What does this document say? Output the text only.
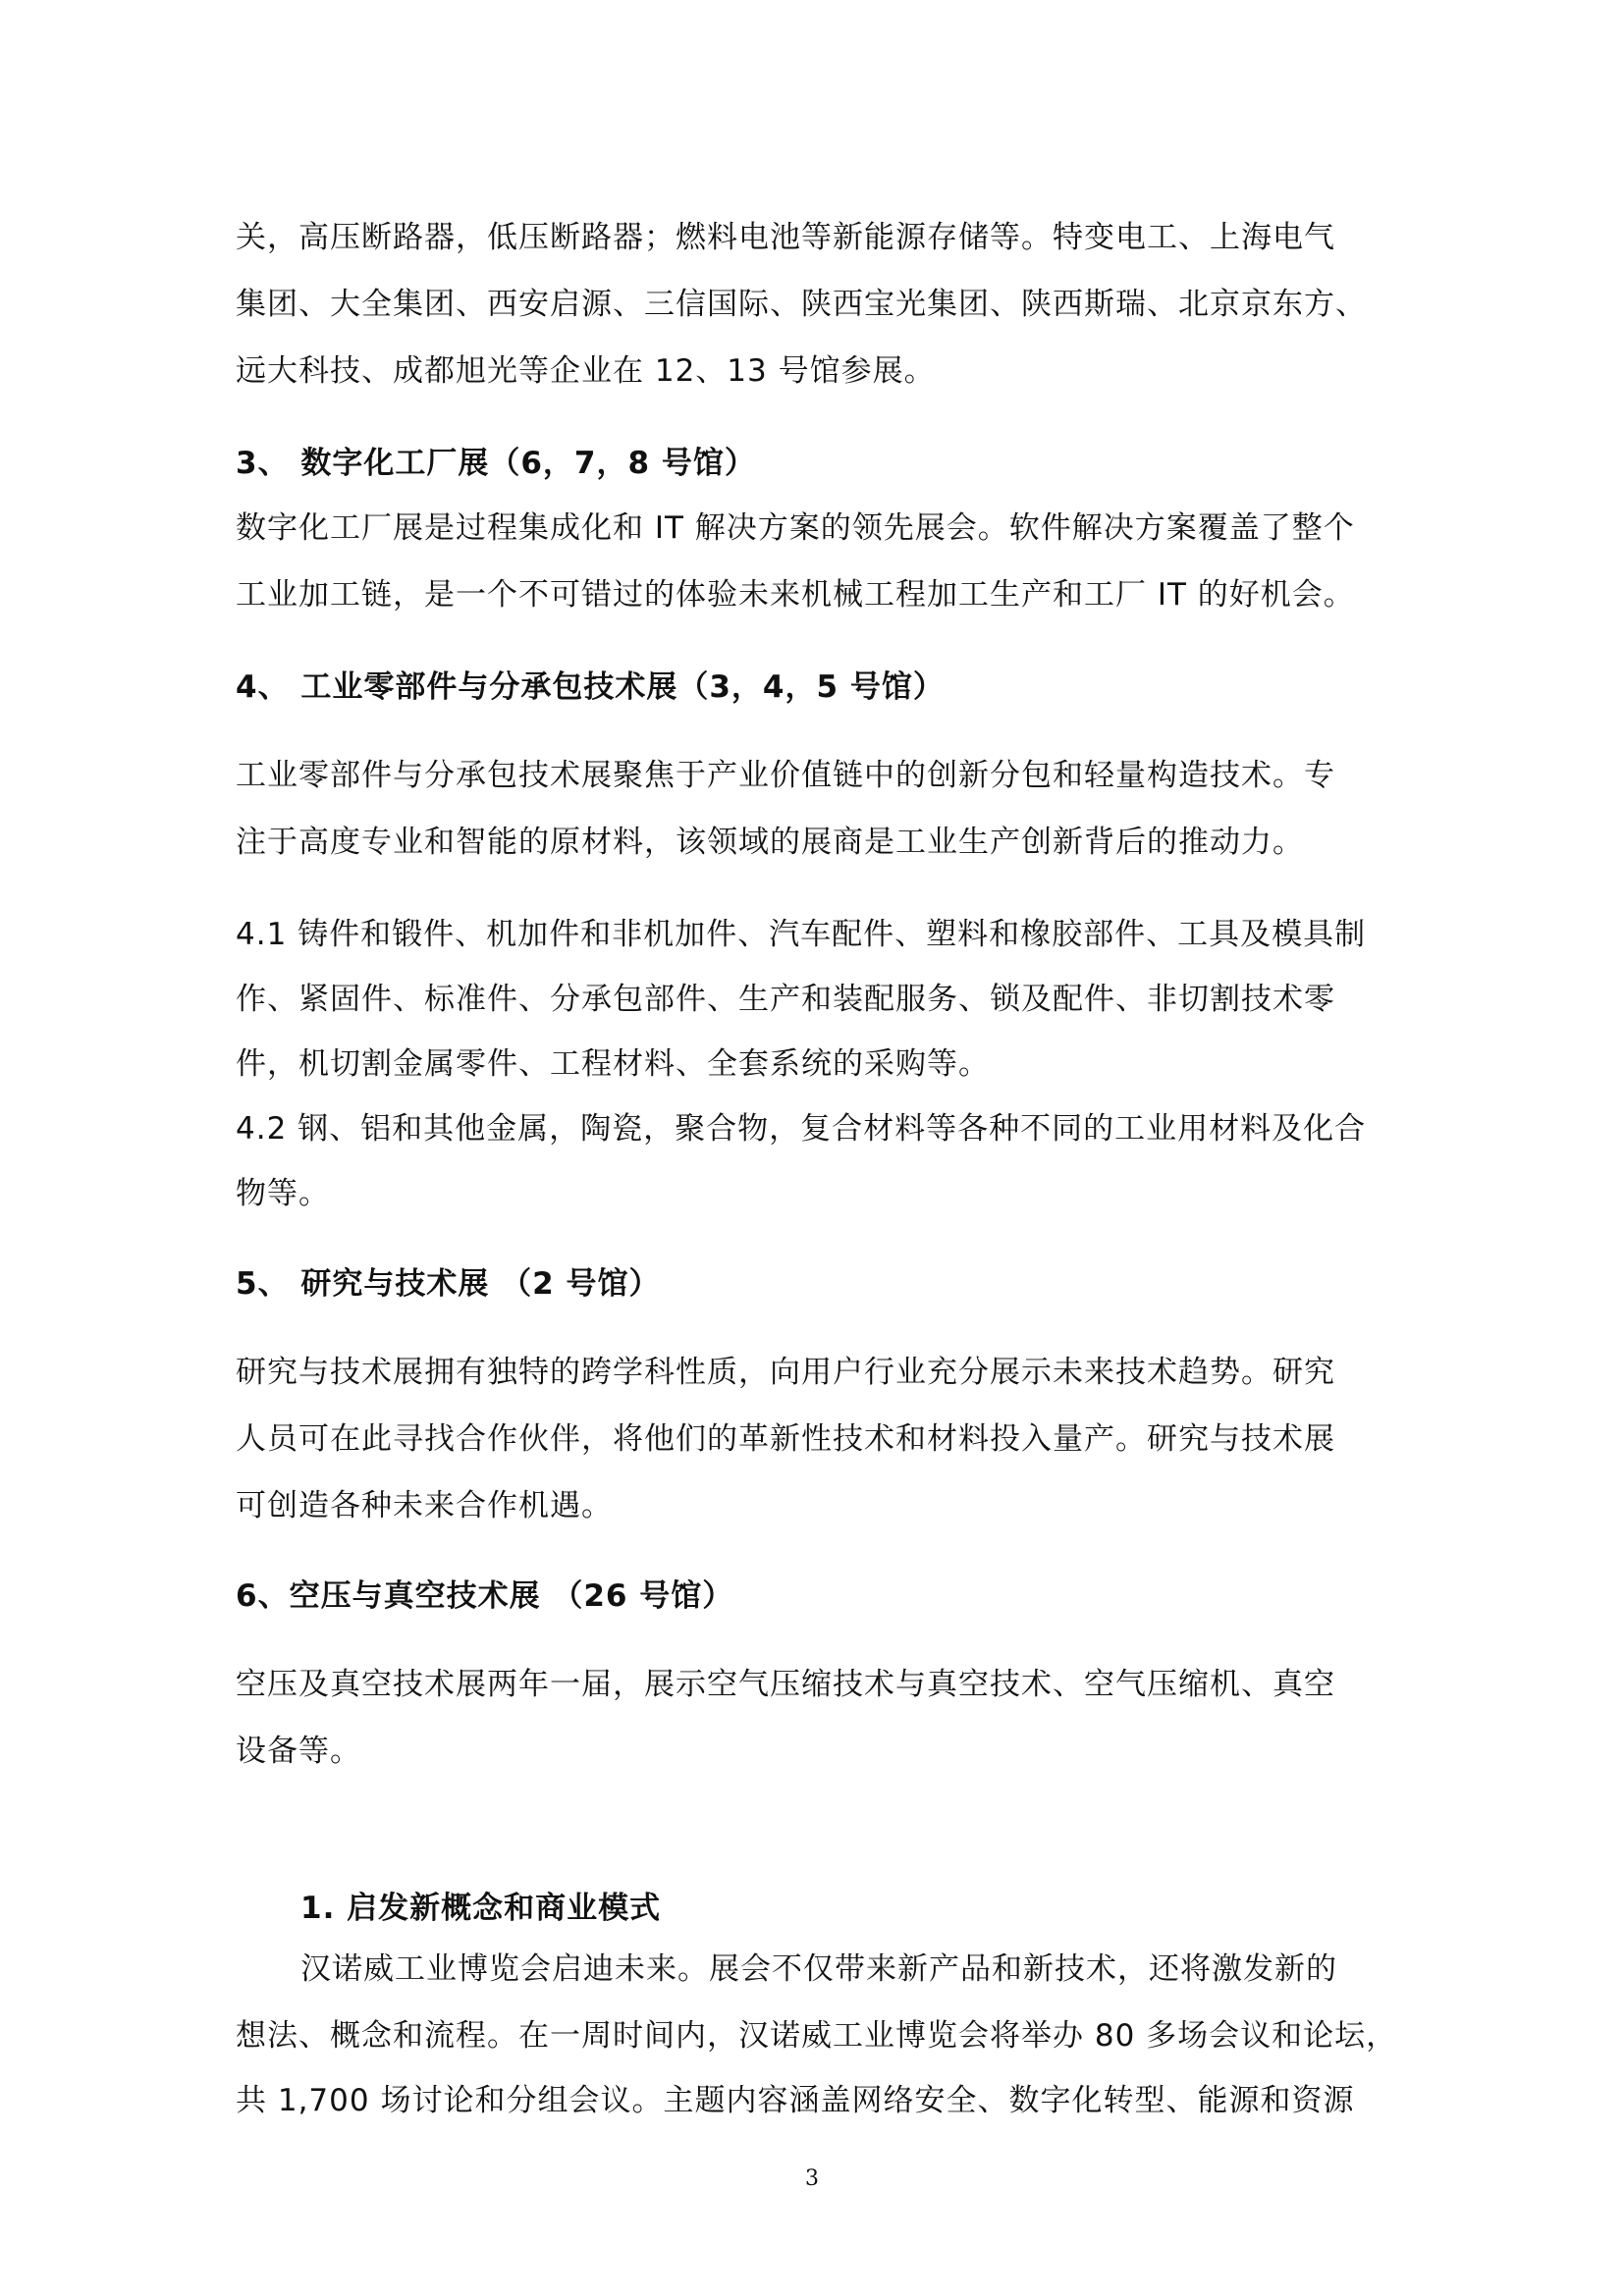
关，高压断路器，低压断路器；燃料电池等新能源存储等。特变电工、上海电气
集团、大全集团、西安启源、三信国际、陕西宝光集团、陕西斯瑞、北京京东方、
远大科技、成都旭光等企业在 12、13 号馆参展。
3、 数字化工厂展（6，7，8 号馆）
数字化工厂展是过程集成化和 IT 解决方案的领先展会。软件解决方案覆盖了整个
工业加工链，是一个不可错过的体验未来机械工程加工生产和工厂 IT 的好机会。
4、 工业零部件与分承包技术展（3，4，5 号馆）
工业零部件与分承包技术展聚焦于产业价值链中的创新分包和轻量构造技术。专
注于高度专业和智能的原材料，该领域的展商是工业生产创新背后的推动力。
4.1 铸件和锻件、机加件和非机加件、汽车配件、塑料和橡胶部件、工具及模具制
作、紧固件、标准件、分承包部件、生产和装配服务、锁及配件、非切割技术零
件，机切割金属零件、工程材料、全套系统的采购等。
4.2 钢、铝和其他金属，陶瓷，聚合物，复合材料等各种不同的工业用材料及化合
物等。
5、 研究与技术展 （2 号馆）
研究与技术展拥有独特的跨学科性质，向用户行业充分展示未来技术趋势。研究
人员可在此寻找合作伙伴，将他们的革新性技术和材料投入量产。研究与技术展
可创造各种未来合作机遇。
6、空压与真空技术展 （26 号馆）
空压及真空技术展两年一届，展示空气压缩技术与真空技术、空气压缩机、真空
设备等。
1. 启发新概念和商业模式
汉诺威工业博览会启迪未来。展会不仅带来新产品和新技术，还将激发新的
想法、概念和流程。在一周时间内，汉诺威工业博览会将举办 80 多场会议和论坛，
共 1,700 场讨论和分组会议。主题内容涵盖网络安全、数字化转型、能源和资源
3
